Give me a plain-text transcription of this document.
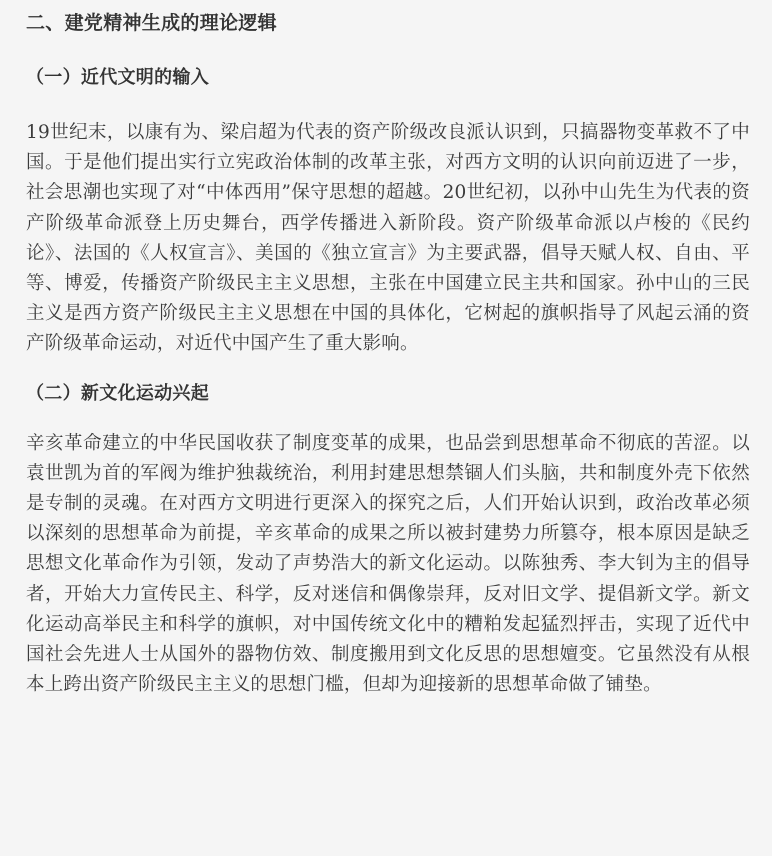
二、建党精神生成的理论逻辑
（一）近代文明的输入

19世纪末，以康有为、梁启超为代表的资产阶级改良派认识到，只搞器物变革救不了中国。于是他们提出实行立宪政治体制的改革主张，对西方文明的认识向前迈进了一步，社会思潮也实现了对“中体西用”保守思想的超越。20世纪初，以孙中山先生为代表的资产阶级革命派登上历史舞台，西学传播进入新阶段。资产阶级革命派以卢梭的《民约论》、法国的《人权宣言》、美国的《独立宣言》为主要武器，倡导天赋人权、自由、平等、博爱，传播资产阶级民主主义思想，主张在中国建立民主共和国家。孙中山的三民主义是西方资产阶级民主主义思想在中国的具体化，它树起的旗帜指导了风起云涌的资产阶级革命运动，对近代中国产生了重大影响。

（二）新文化运动兴起

辛亥革命建立的中华民国收获了制度变革的成果，也品尝到思想革命不彻底的苦涩。以袁世凯为首的军阀为维护独裁统治，利用封建思想禁锢人们头脑，共和制度外壳下依然是专制的灵魂。在对西方文明进行更深入的探究之后，人们开始认识到，政治改革必须以深刻的思想革命为前提，辛亥革命的成果之所以被封建势力所篡夺，根本原因是缺乏思想文化革命作为引领，发动了声势浩大的新文化运动。以陈独秀、李大钊为主的倡导者，开始大力宣传民主、科学，反对迷信和偶像崇拜，反对旧文学、提倡新文学。新文化运动高举民主和科学的旗帜，对中国传统文化中的糟粕发起猛烈抨击，实现了近代中国社会先进人士从国外的器物仿效、制度搬用到文化反思的思想嬗变。它虽然没有从根本上跨出资产阶级民主主义的思想门槛，但却为迎接新的思想革命做了铺垫。
